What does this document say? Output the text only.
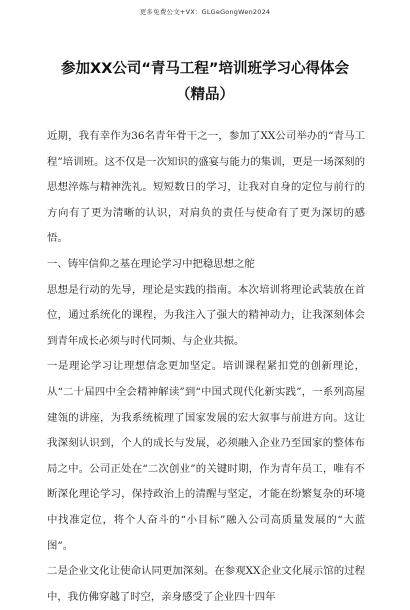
更多免费公文+VX：GLGeGongWen2024
参加XX公司“青马工程”培训班学习心得体会
（精品）

近期，我有幸作为36名青年骨干之一，参加了XX公司举办的“青马工程”培训班。这不仅是一次知识的盛宴与能力的集训，更是一场深刻的思想淬炼与精神洗礼。短短数日的学习，让我对自身的定位与前行的方向有了更为清晰的认识，对肩负的责任与使命有了更为深切的感悟。

一、铸牢信仰之基在理论学习中把稳思想之舵

思想是行动的先导，理论是实践的指南。本次培训将理论武装放在首位，通过系统化的课程，为我注入了强大的精神动力，让我深刻体会到青年成长必须与时代同频、与企业共振。

一是理论学习让理想信念更加坚定。培训课程紧扣党的创新理论，从“二十届四中全会精神解读”到“中国式现代化新实践”，一系列高屋建瓴的讲座，为我系统梳理了国家发展的宏大叙事与前进方向。这让我深刻认识到，个人的成长与发展，必须融入企业乃至国家的整体布局之中。公司正处在“二次创业”的关键时期，作为青年员工，唯有不断深化理论学习，保持政治上的清醒与坚定，才能在纷繁复杂的环境中找准定位，将个人奋斗的“小目标”融入公司高质量发展的“大蓝图”。

二是企业文化让使命认同更加深刻。在参观XX企业文化展示馆的过程中，我仿佛穿越了时空，亲身感受了企业四十四年
